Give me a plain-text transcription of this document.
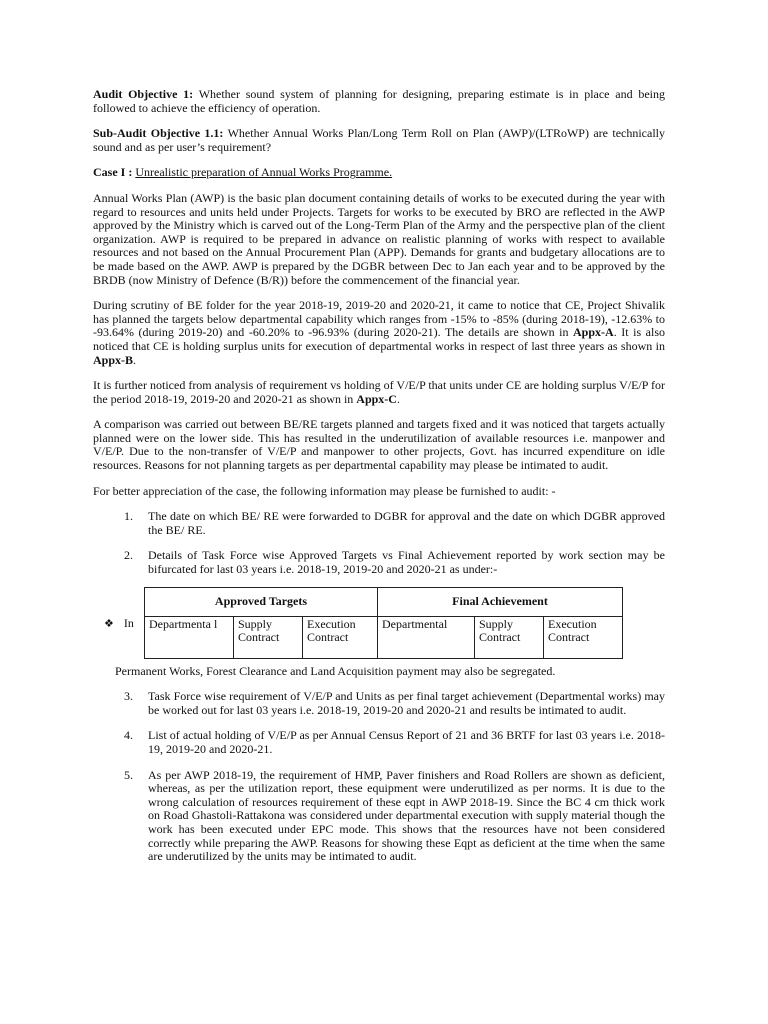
Audit Objective 1: Whether sound system of planning for designing, preparing estimate is in place and being followed to achieve the efficiency of operation.

Sub-Audit Objective 1.1: Whether Annual Works Plan/Long Term Roll on Plan (AWP)/(LTRoWP) are technically sound and as per user’s requirement?

Case I : Unrealistic preparation of Annual Works Programme.

Annual Works Plan (AWP) is the basic plan document containing details of works to be executed during the year with regard to resources and units held under Projects. Targets for works to be executed by BRO are reflected in the AWP approved by the Ministry which is carved out of the Long-Term Plan of the Army and the perspective plan of the client organization. AWP is required to be prepared in advance on realistic planning of works with respect to available resources and not based on the Annual Procurement Plan (APP). Demands for grants and budgetary allocations are to be made based on the AWP. AWP is prepared by the DGBR between Dec to Jan each year and to be approved by the BRDB (now Ministry of Defence (B/R)) before the commencement of the financial year.

During scrutiny of BE folder for the year 2018-19, 2019-20 and 2020-21, it came to notice that CE, Project Shivalik has planned the targets below departmental capability which ranges from -15% to -85% (during 2018-19), -12.63% to -93.64% (during 2019-20) and -60.20% to -96.93% (during 2020-21). The details are shown in Appx-A. It is also noticed that CE is holding surplus units for execution of departmental works in respect of last three years as shown in Appx-B.

It is further noticed from analysis of requirement vs holding of V/E/P that units under CE are holding surplus V/E/P for the period 2018-19, 2019-20 and 2020-21 as shown in Appx-C.

A comparison was carried out between BE/RE targets planned and targets fixed and it was noticed that targets actually planned were on the lower side. This has resulted in the underutilization of available resources i.e. manpower and V/E/P. Due to the non-transfer of V/E/P and manpower to other projects, Govt. has incurred expenditure on idle resources. Reasons for not planning targets as per departmental capability may please be intimated to audit.

For better appreciation of the case, the following information may please be furnished to audit: -

1. The date on which BE/ RE were forwarded to DGBR for approval and the date on which DGBR approved the BE/ RE.

2. Details of Task Force wise Approved Targets vs Final Achievement reported by work section may be bifurcated for last 03 years i.e. 2018-19, 2019-20 and 2020-21 as under:-

❖ In
Approved Targets			Final Achievement		
Departmenta l	Supply Contract	Execution Contract	Departmental	Supply Contract	Execution Contract

Permanent Works, Forest Clearance and Land Acquisition payment may also be segregated.

3. Task Force wise requirement of V/E/P and Units as per final target achievement (Departmental works) may be worked out for last 03 years i.e. 2018-19, 2019-20 and 2020-21 and results be intimated to audit.

4. List of actual holding of V/E/P as per Annual Census Report of 21 and 36 BRTF for last 03 years i.e. 2018-19, 2019-20 and 2020-21.

5. As per AWP 2018-19, the requirement of HMP, Paver finishers and Road Rollers are shown as deficient, whereas, as per the utilization report, these equipment were underutilized as per norms. It is due to the wrong calculation of resources requirement of these eqpt in AWP 2018-19. Since the BC 4 cm thick work on Road Ghastoli-Rattakona was considered under departmental execution with supply material though the work has been executed under EPC mode. This shows that the resources have not been considered correctly while preparing the AWP. Reasons for showing these Eqpt as deficient at the time when the same are underutilized by the units may be intimated to audit.
